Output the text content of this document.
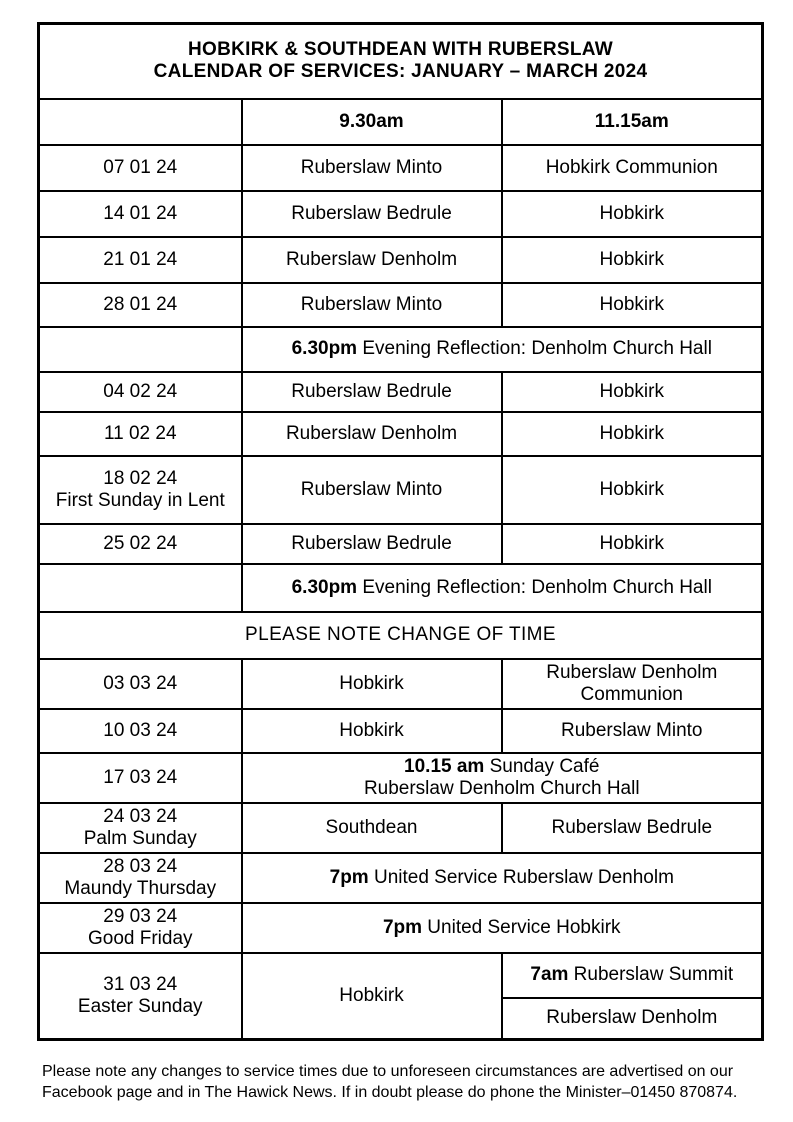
HOBKIRK & SOUTHDEAN WITH RUBERSLAW
CALENDAR OF SERVICES: JANUARY – MARCH 2024		

	9.30am	11.15am
07 01 24	Ruberslaw Minto	Hobkirk Communion
14 01 24	Ruberslaw Bedrule	Hobkirk
21 01 24	Ruberslaw Denholm	Hobkirk
28 01 24	Ruberslaw Minto	Hobkirk
	6.30pm Evening Reflection: Denholm Church Hall	
04 02 24	Ruberslaw Bedrule	Hobkirk
11 02 24	Ruberslaw Denholm	Hobkirk

18 02 24
First Sunday in Lent	Ruberslaw Minto	Hobkirk
25 02 24	Ruberslaw Bedrule	Hobkirk
	6.30pm Evening Reflection: Denholm Church Hall	
PLEASE NOTE CHANGE OF TIME		
03 03 24	Hobkirk	Ruberslaw Denholm Communion
10 03 24	Hobkirk	Ruberslaw Minto
17 03 24	10.15 am Sunday Café
Ruberslaw Denholm Church Hall	

24 03 24
Palm Sunday	Southdean	Ruberslaw Bedrule

28 03 24
Maundy Thursday	7pm United Service Ruberslaw Denholm	

29 03 24
Good Friday	7pm United Service Hobkirk	

31 03 24
Easter Sunday	Hobkirk	7am Ruberslaw Summit
		Ruberslaw Denholm
Please note any changes to service times due to unforeseen circumstances are advertised on our Facebook page and in The Hawick News. If in doubt please do phone the Minister–01450 870874.
